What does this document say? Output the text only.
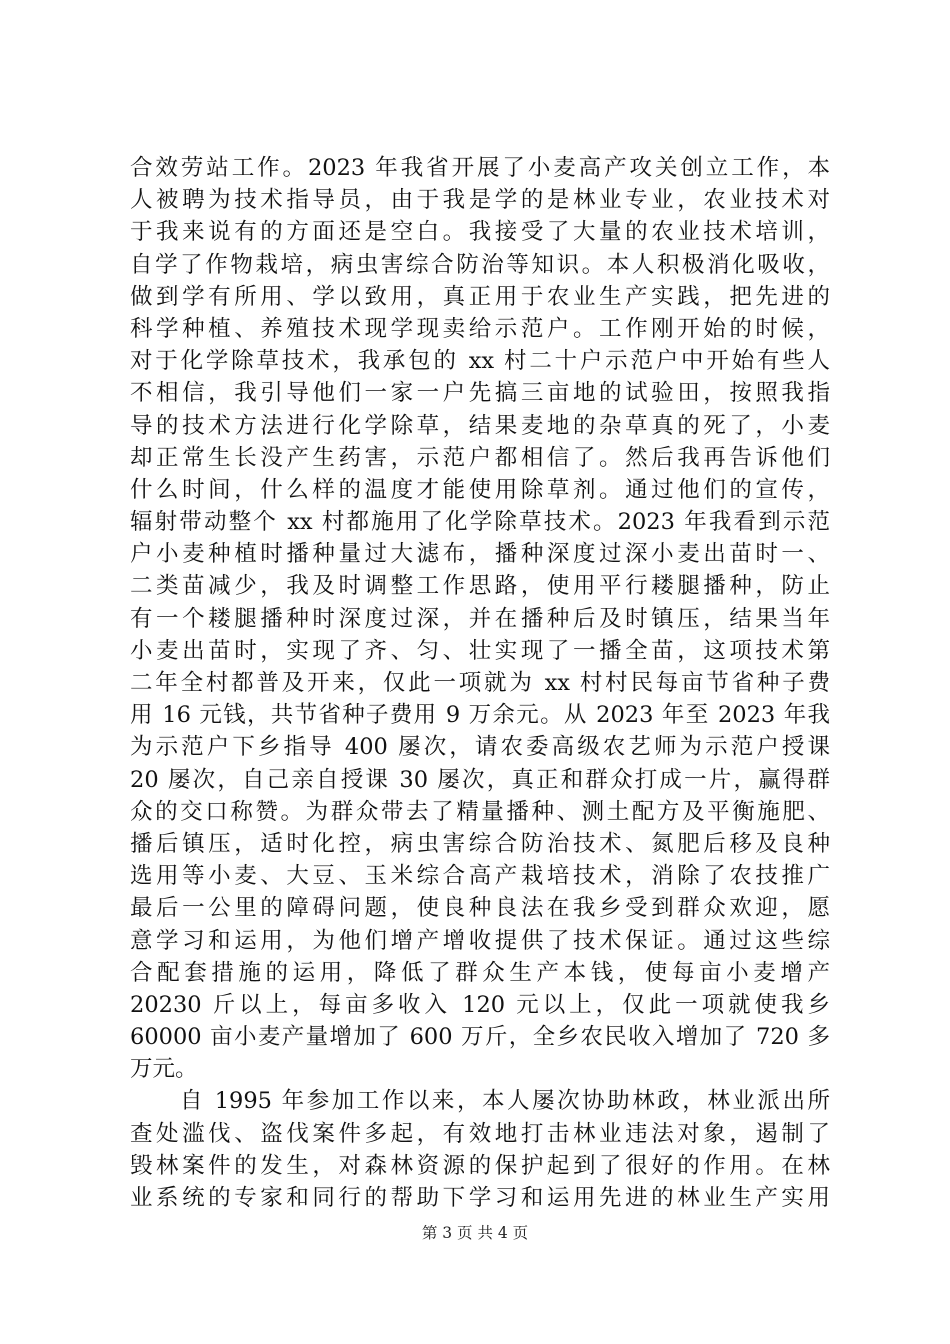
合效劳站工作。2023 年我省开展了小麦高产攻关创立工作，本
人被聘为技术指导员，由于我是学的是林业专业，农业技术对
于我来说有的方面还是空白。我接受了大量的农业技术培训，
自学了作物栽培，病虫害综合防治等知识。本人积极消化吸收，
做到学有所用、学以致用，真正用于农业生产实践，把先进的
科学种植、养殖技术现学现卖给示范户。工作刚开始的时候，
对于化学除草技术，我承包的 xx 村二十户示范户中开始有些人
不相信，我引导他们一家一户先搞三亩地的试验田，按照我指
导的技术方法进行化学除草，结果麦地的杂草真的死了，小麦
却正常生长没产生药害，示范户都相信了。然后我再告诉他们
什么时间，什么样的温度才能使用除草剂。通过他们的宣传，
辐射带动整个 xx 村都施用了化学除草技术。2023 年我看到示范
户小麦种植时播种量过大滤布，播种深度过深小麦出苗时一、
二类苗减少，我及时调整工作思路，使用平行耧腿播种，防止
有一个耧腿播种时深度过深，并在播种后及时镇压，结果当年
小麦出苗时，实现了齐、匀、壮实现了一播全苗，这项技术第
二年全村都普及开来，仅此一项就为 xx 村村民每亩节省种子费
用 16 元钱，共节省种子费用 9 万余元。从 2023 年至 2023 年我
为示范户下乡指导 400 屡次，请农委高级农艺师为示范户授课
20 屡次，自己亲自授课 30 屡次，真正和群众打成一片，赢得群
众的交口称赞。为群众带去了精量播种、测土配方及平衡施肥、
播后镇压，适时化控，病虫害综合防治技术、氮肥后移及良种
选用等小麦、大豆、玉米综合高产栽培技术，消除了农技推广
最后一公里的障碍问题，使良种良法在我乡受到群众欢迎，愿
意学习和运用，为他们增产增收提供了技术保证。通过这些综
合配套措施的运用，降低了群众生产本钱，使每亩小麦增产
20230 斤以上，每亩多收入 120 元以上，仅此一项就使我乡
60000 亩小麦产量增加了 600 万斤，全乡农民收入增加了 720 多
万元。
自 1995 年参加工作以来，本人屡次协助林政，林业派出所
查处滥伐、盗伐案件多起，有效地打击林业违法对象，遏制了
毁林案件的发生，对森林资源的保护起到了很好的作用。在林
业系统的专家和同行的帮助下学习和运用先进的林业生产实用
第 3 页 共 4 页
